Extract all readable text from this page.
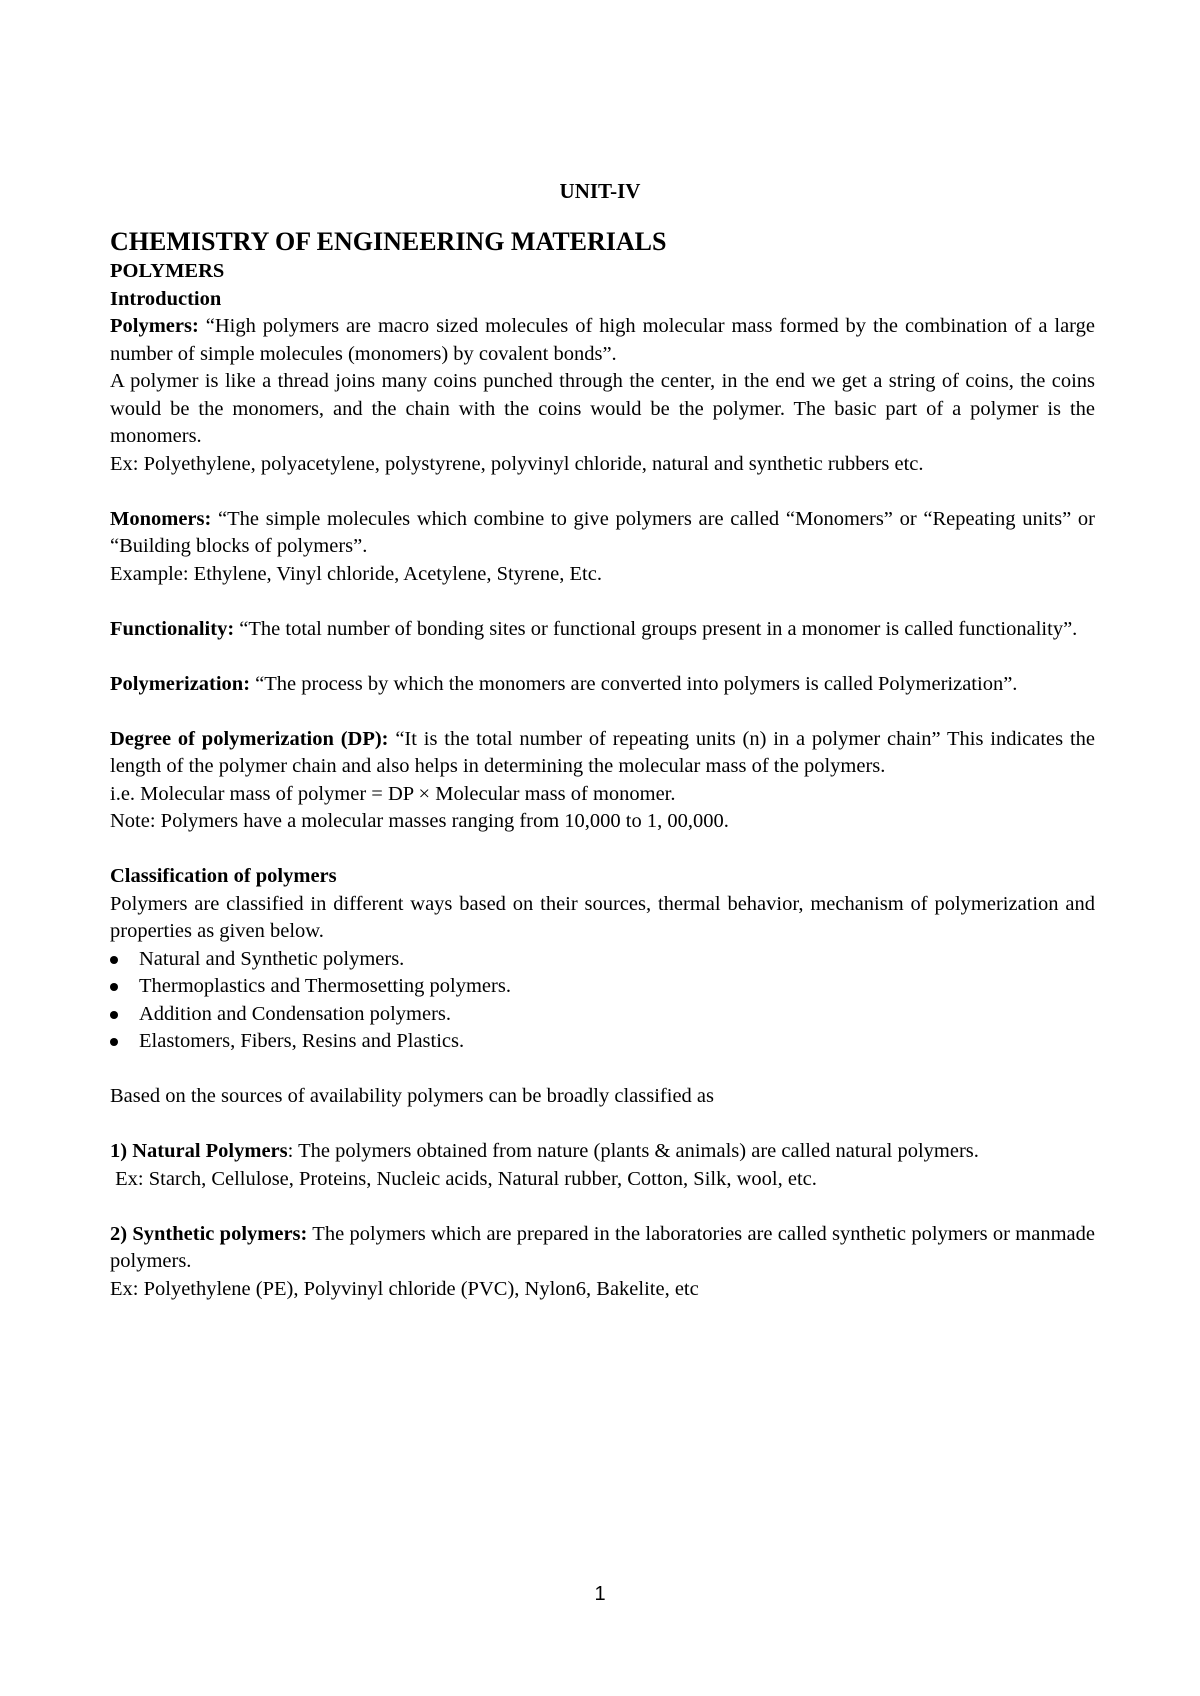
UNIT-IV
CHEMISTRY OF ENGINEERING MATERIALS
POLYMERS
Introduction

Polymers: “High polymers are macro sized molecules of high molecular mass formed by the combination of a large number of simple molecules (monomers) by covalent bonds”.

A polymer is like a thread joins many coins punched through the center, in the end we get a string of coins, the coins would be the monomers, and the chain with the coins would be the polymer. The basic part of a polymer is the monomers.

Ex: Polyethylene, polyacetylene, polystyrene, polyvinyl chloride, natural and synthetic rubbers etc.

Monomers: “The simple molecules which combine to give polymers are called “Monomers” or “Repeating units” or “Building blocks of polymers”.

Example: Ethylene, Vinyl chloride, Acetylene, Styrene, Etc.

Functionality: “The total number of bonding sites or functional groups present in a monomer is called functionality”.

Polymerization: “The process by which the monomers are converted into polymers is called Polymerization”.

Degree of polymerization (DP): “It is the total number of repeating units (n) in a polymer chain” This indicates the length of the polymer chain and also helps in determining the molecular mass of the polymers.

i.e. Molecular mass of polymer = DP × Molecular mass of monomer.

Note: Polymers have a molecular masses ranging from 10,000 to 1, 00,000.

Classification of polymers

Polymers are classified in different ways based on their sources, thermal behavior, mechanism of polymerization and properties as given below.

Natural and Synthetic polymers.
Thermoplastics and Thermosetting polymers.
Addition and Condensation polymers.
Elastomers, Fibers, Resins and Plastics.

Based on the sources of availability polymers can be broadly classified as

1) Natural Polymers: The polymers obtained from nature (plants & animals) are called natural polymers.

Ex: Starch, Cellulose, Proteins, Nucleic acids, Natural rubber, Cotton, Silk, wool, etc.

2) Synthetic polymers: The polymers which are prepared in the laboratories are called synthetic polymers or manmade polymers.

Ex: Polyethylene (PE), Polyvinyl chloride (PVC), Nylon6, Bakelite, etc

1
